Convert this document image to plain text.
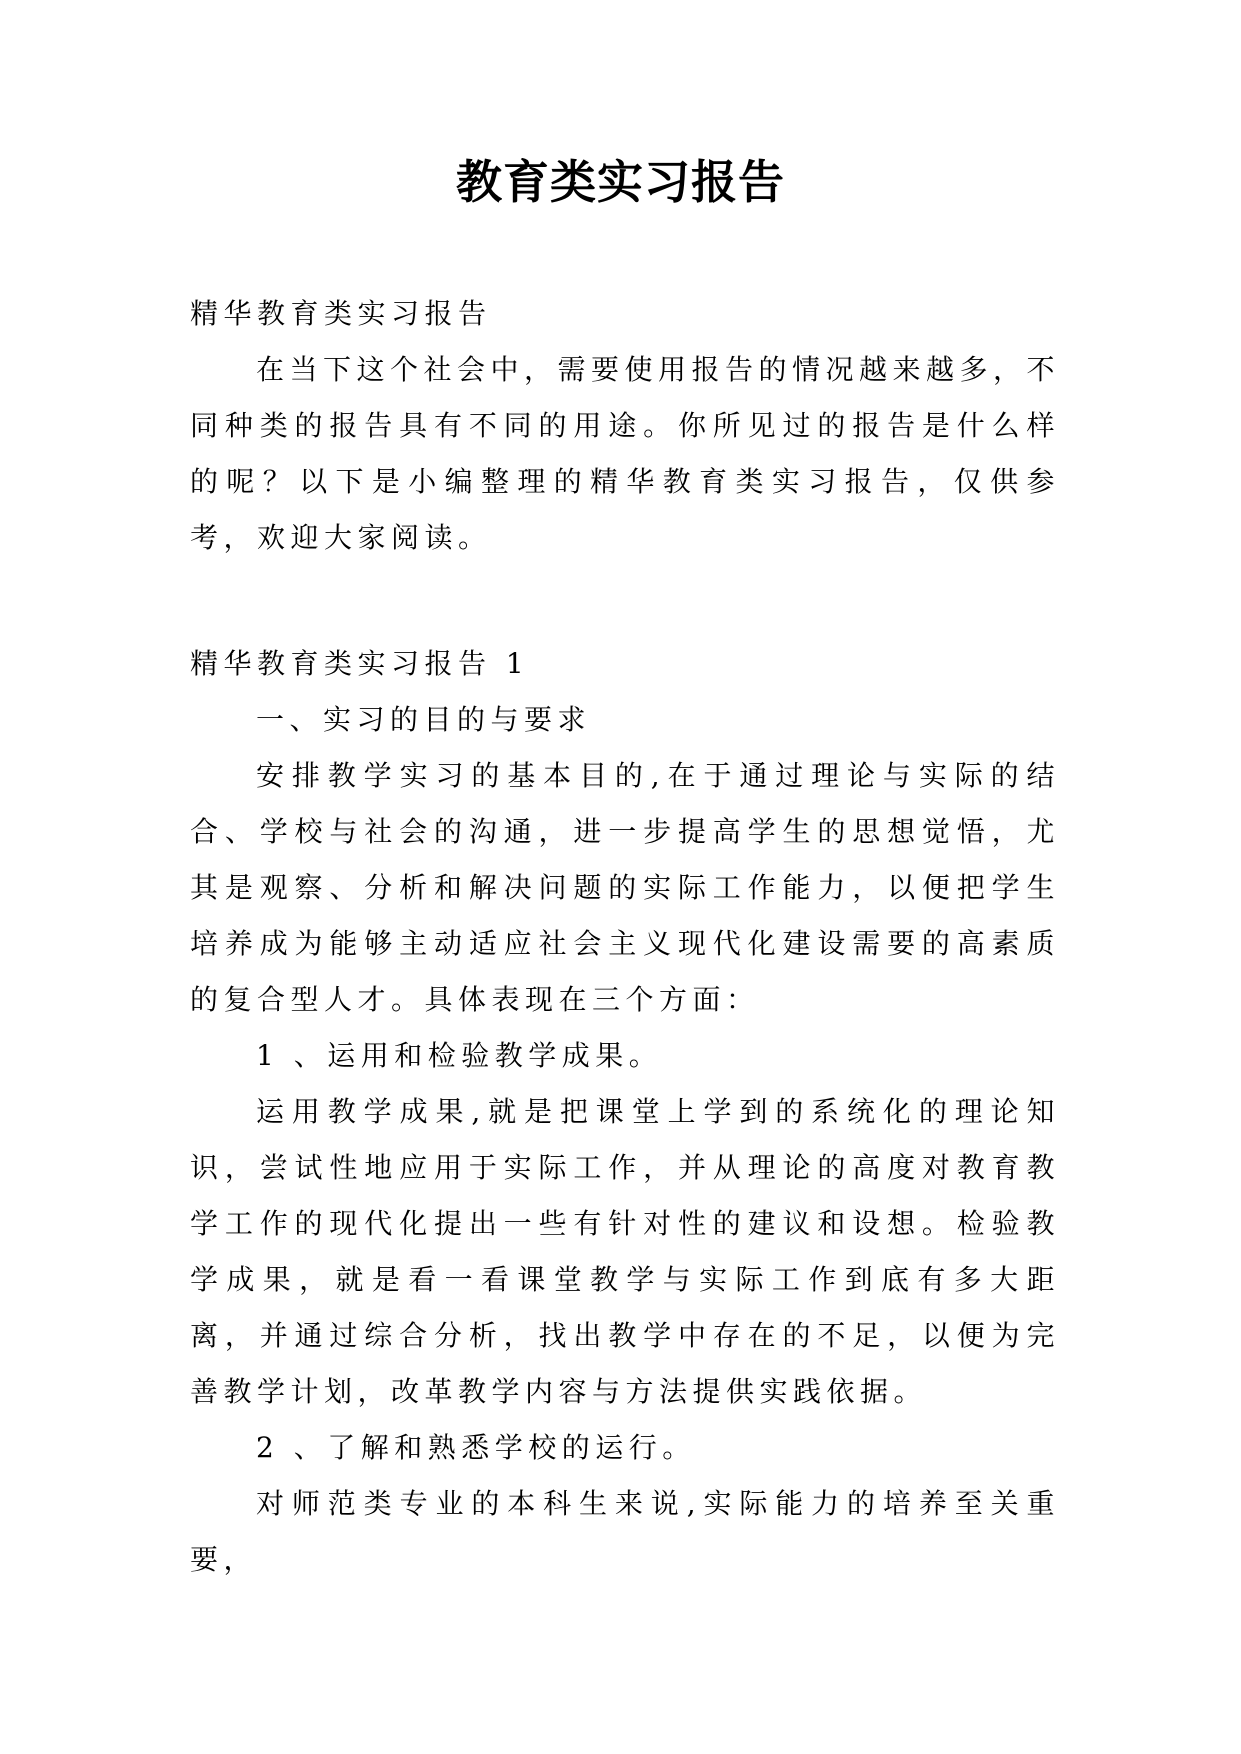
教育类实习报告

精华教育类实习报告

在当下这个社会中，需要使用报告的情况越来越多，不同种类的报告具有不同的用途。你所见过的报告是什么样的呢？以下是小编整理的精华教育类实习报告，仅供参考，欢迎大家阅读。

精华教育类实习报告 1

一、实习的目的与要求

安排教学实习的基本目的,在于通过理论与实际的结合、学校与社会的沟通，进一步提高学生的思想觉悟，尤其是观察、分析和解决问题的实际工作能力，以便把学生培养成为能够主动适应社会主义现代化建设需要的高素质的复合型人才。具体表现在三个方面：

1 、运用和检验教学成果。

运用教学成果,就是把课堂上学到的系统化的理论知识，尝试性地应用于实际工作，并从理论的高度对教育教学工作的现代化提出一些有针对性的建议和设想。检验教学成果，就是看一看课堂教学与实际工作到底有多大距离，并通过综合分析，找出教学中存在的不足，以便为完善教学计划，改革教学内容与方法提供实践依据。

2 、了解和熟悉学校的运行。

对师范类专业的本科生来说,实际能力的培养至关重要，
